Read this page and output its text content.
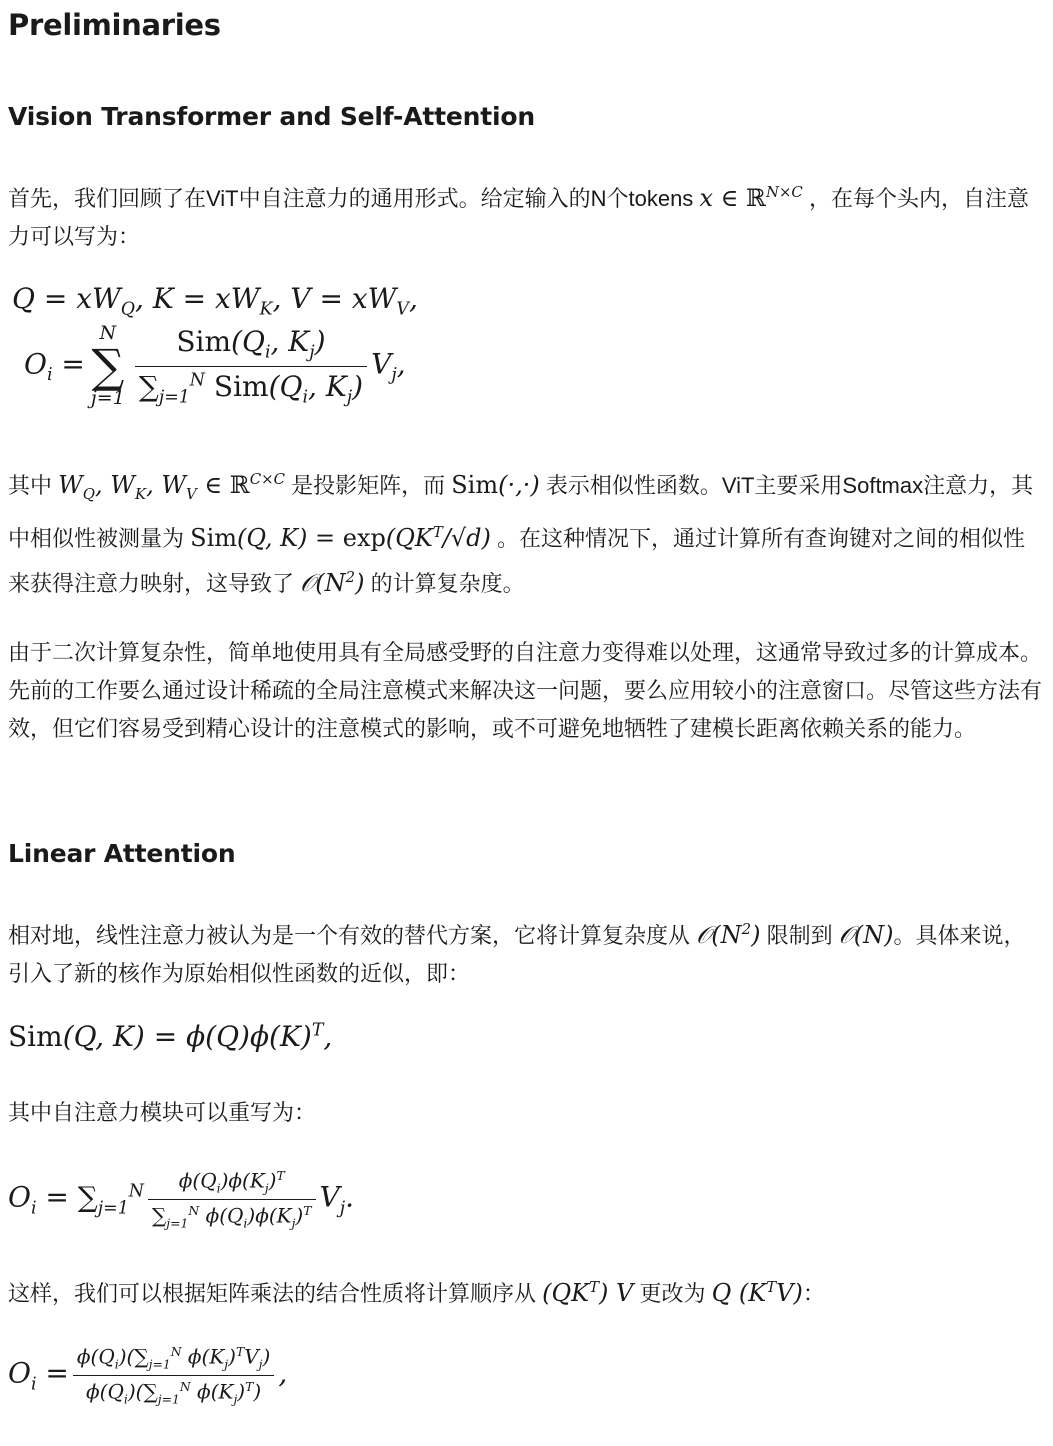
Preliminaries
Vision Transformer and Self-Attention

首先，我们回顾了在ViT中自注意力的通用形式。给定输入的N个tokens x ∈ ℝ$^{N\times C}$ ，在每个头内，自注意力可以写为：

$Q = xW_Q$, $K = xW_K$, $V = xW_V$,
$O_i$ =
N
∑
$j=1 \frac{Sim(Q_i, K_j)}{\sum_{j=1}^N Sim(Q_i, K_j)} V_j$,

其中 $W_Q$, $W_K$, $W_V$ ∈ ℝ$^{C\times C}$ 是投影矩阵，而 Sim(·,·) 表示相似性函数。ViT主要采用Softmax注意力，其中相似性被测量为 Sim(Q, $K) = \exp(QK^T/√d)$ 。在这种情况下，通过计算所有查询键对之间的相似性来获得注意力映射，这导致了 $𝒪(N^2)$ 的计算复杂度。

由于二次计算复杂性，简单地使用具有全局感受野的自注意力变得难以处理，这通常导致过多的计算成本。先前的工作要么通过设计稀疏的全局注意模式来解决这一问题，要么应用较小的注意窗口。尽管这些方法有效，但它们容易受到精心设计的注意模式的影响，或不可避免地牺牲了建模长距离依赖关系的能力。

Linear Attention

相对地，线性注意力被认为是一个有效的替代方案，它将计算复杂度从 $𝒪(N^2)$ 限制到 𝒪(N)。具体来说，引入了新的核作为原始相似性函数的近似，即：

Sim(Q, $K) = \phi(Q)\phi(K)^T$,

其中自注意力模块可以重写为：

$O_i = \sum_{j=1}^N \frac{\phi(Q_i)\phi(K_j)^T}{\sum_{j=1}^N \phi(Q_i)\phi(K_j)^T} V_j$.

这样，我们可以根据矩阵乘法的结合性质将计算顺序从 $(QK^T)$ V 更改为 Q $(K^TV)$：

$O_i = \frac{\phi(Q_i)(\sum_{j=1}^N \phi(K_j)^TV_j)}{\phi(Q_i)(\sum_{j=1}^N \phi(K_j)^T)}$ ,
